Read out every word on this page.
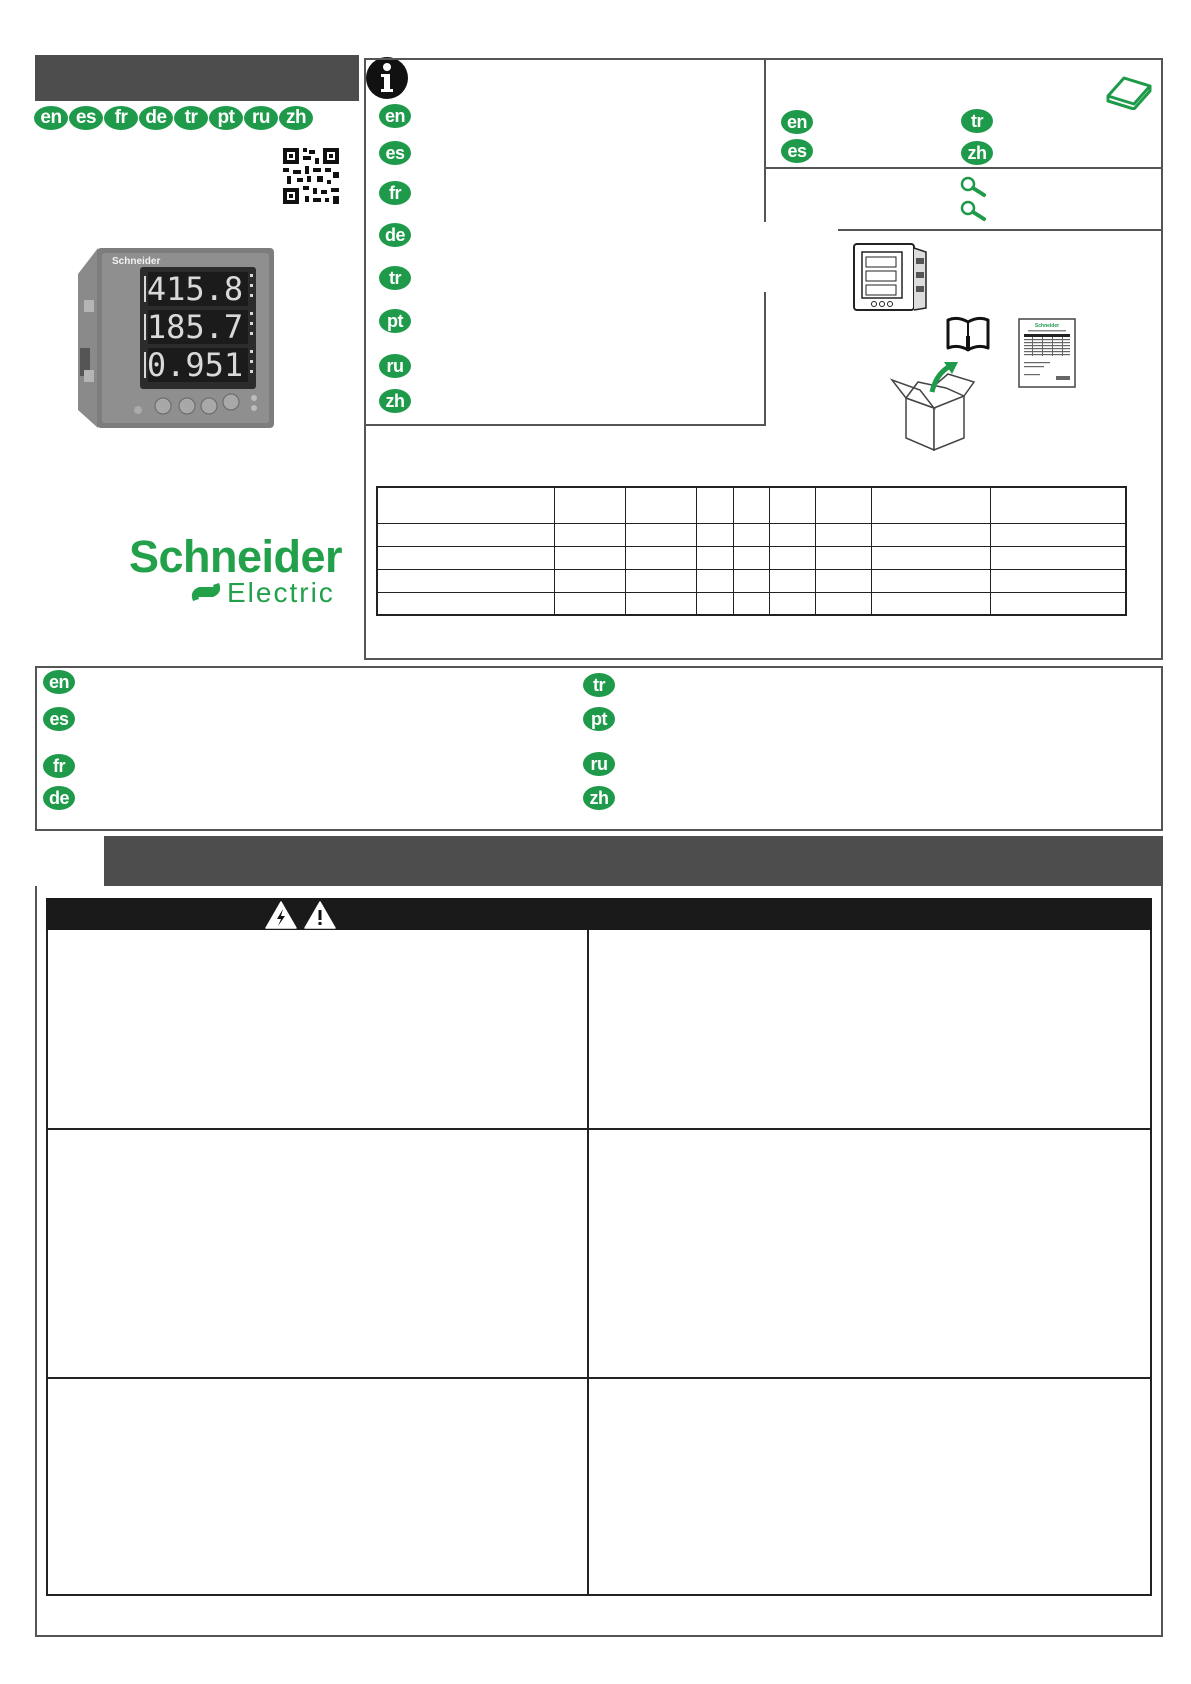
en es fr de tr	pt ru zh
415.8
185.7
0.951
Schneider
Schneider
Electric
en
es
fr
de
tr
pt
ru
zh
en
es
tr
zh
Schneider

en
es
fr
de
tr
pt
ru
zh
